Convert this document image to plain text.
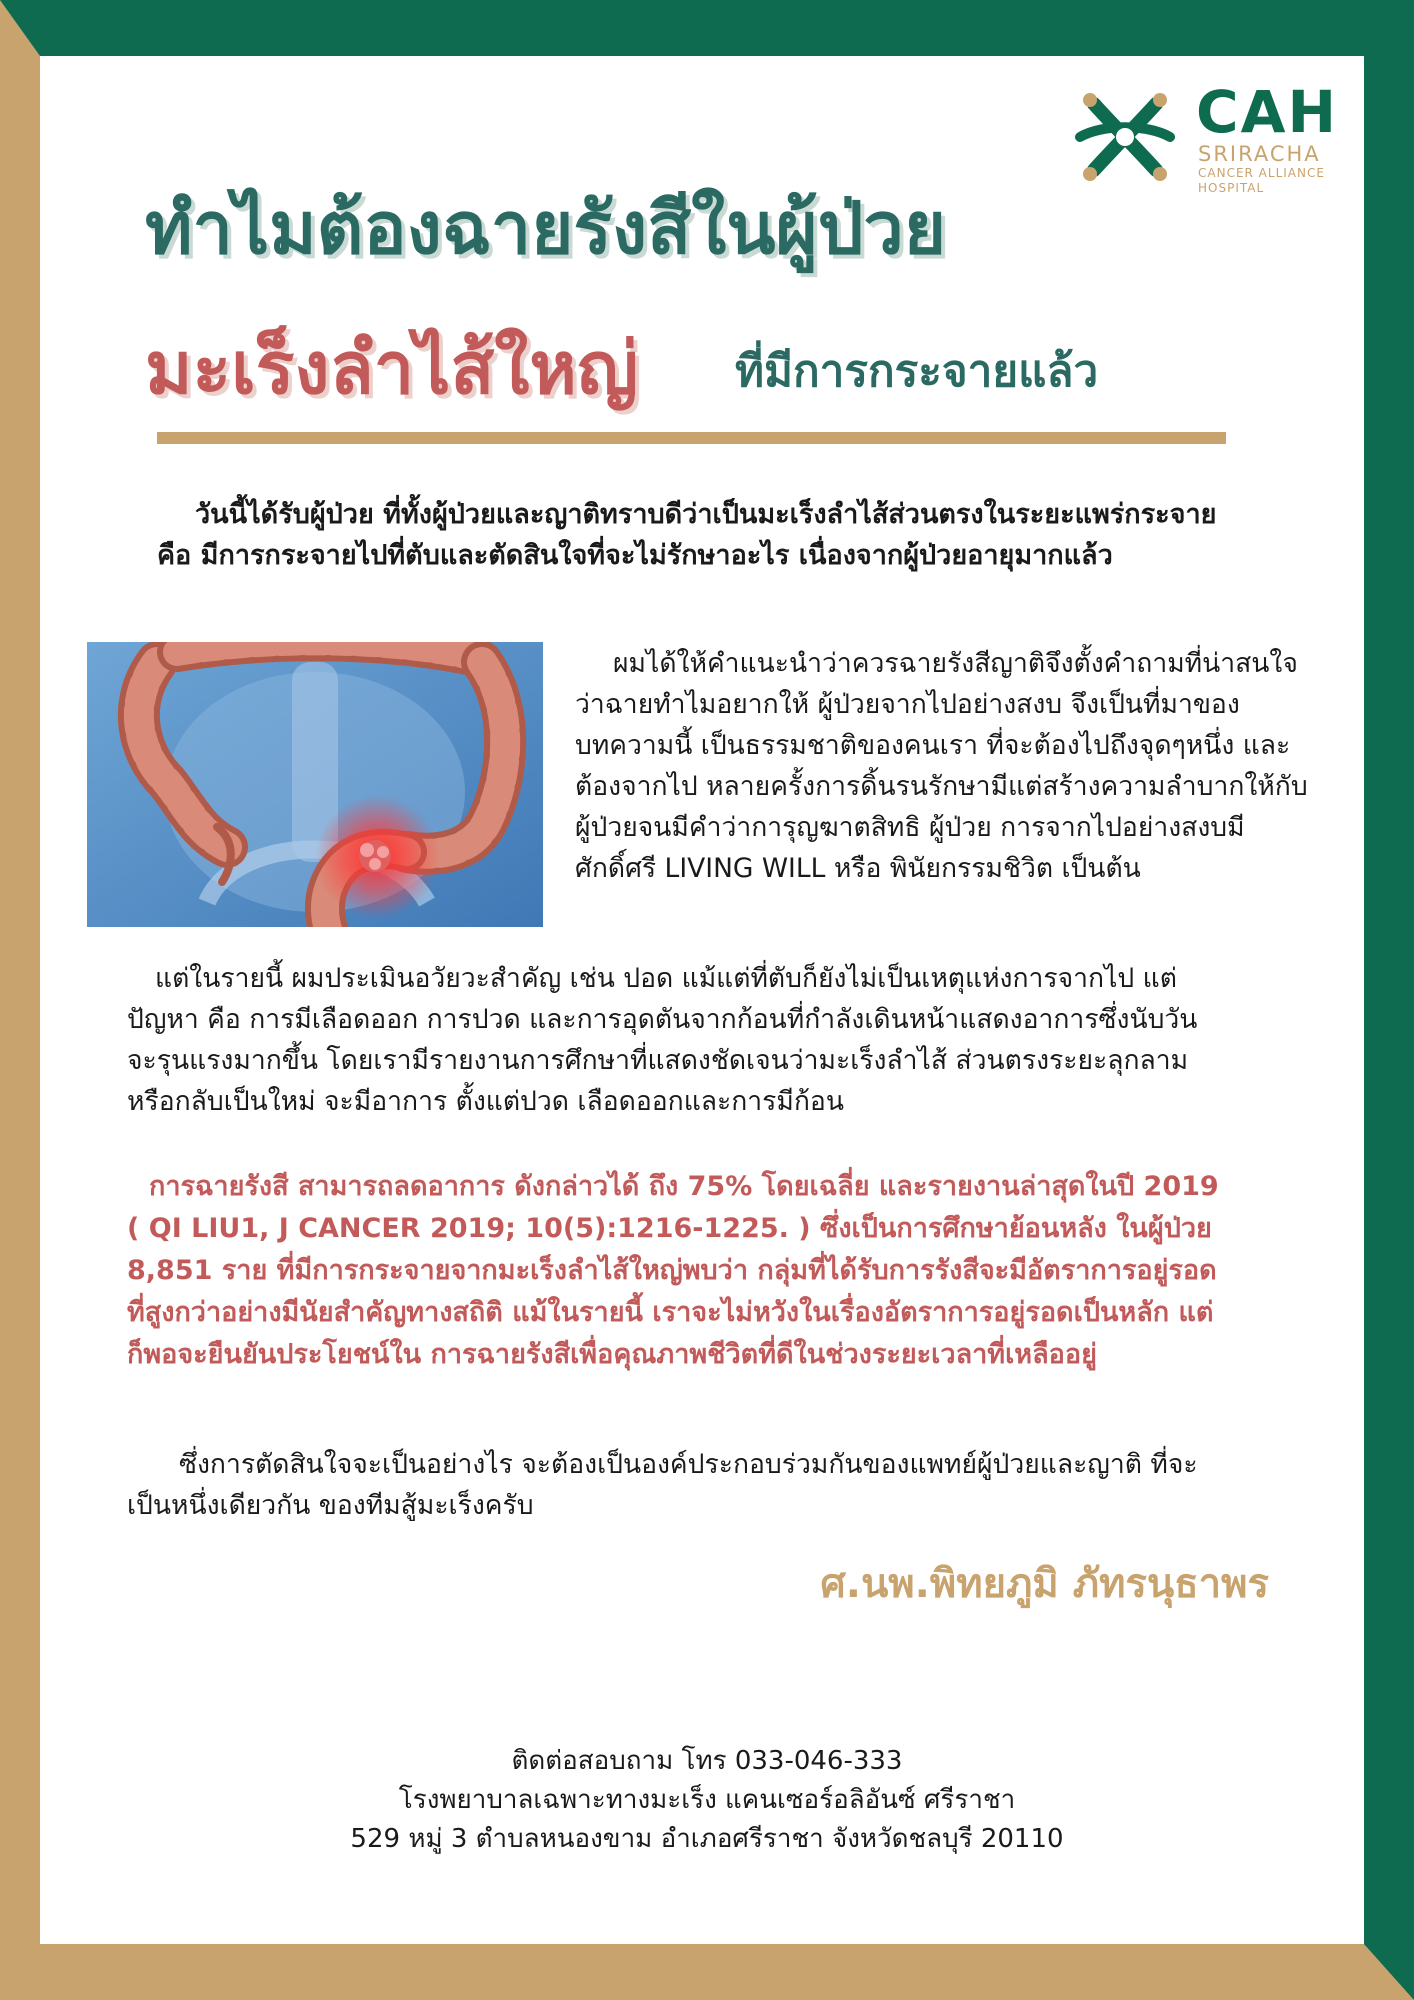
CAH
SRIRACHA
CANCER ALLIANCE
HOSPITAL
ทำไมต้องฉายรังสีในผู้ป่วย
มะเร็งลำไส้ใหญ่ ที่มีการกระจายแล้ว

วันนี้ได้รับผู้ป่วย ที่ทั้งผู้ป่วยและญาติทราบดีว่าเป็นมะเร็งลำไส้ส่วนตรงในระยะแพร่กระจาย คือ มีการกระจายไปที่ตับและตัดสินใจที่จะไม่รักษาอะไร เนื่องจากผู้ป่วยอายุมากแล้ว

ผมได้ให้คำแนะนำว่าควรฉายรังสีญาติจึงตั้งคำถามที่น่าสนใจว่าฉายทำไมอยากให้ ผู้ป่วยจากไปอย่างสงบ จึงเป็นที่มาของบทความนี้ เป็นธรรมชาติของคนเรา ที่จะต้องไปถึงจุดๆหนึ่ง และต้องจากไป หลายครั้งการดิ้นรนรักษามีแต่สร้างความลำบากให้กับผู้ป่วยจนมีคำว่าการุญฆาตสิทธิ ผู้ป่วย การจากไปอย่างสงบมีศักดิ์ศรี LIVING WILL หรือ พินัยกรรมชิวิต เป็นต้น

แต่ในรายนี้ ผมประเมินอวัยวะสำคัญ เช่น ปอด แม้แต่ที่ตับก็ยังไม่เป็นเหตุแห่งการจากไป แต่ปัญหา คือ การมีเลือดออก การปวด และการอุดตันจากก้อนที่กำลังเดินหน้าแสดงอาการซึ่งนับวันจะรุนแรงมากขึ้น โดยเรามีรายงานการศึกษาที่แสดงชัดเจนว่ามะเร็งลำไส้ ส่วนตรงระยะลุกลามหรือกลับเป็นใหม่ จะมีอาการ ตั้งแต่ปวด เลือดออกและการมีก้อน

การฉายรังสี สามารถลดอาการ ดังกล่าวได้ ถึง 75% โดยเฉลี่ย และรายงานล่าสุดในปี 2019 ( QI LIU1, J CANCER 2019; 10(5):1216-1225. ) ซึ่งเป็นการศึกษาย้อนหลัง ในผู้ป่วย 8,851 ราย ที่มีการกระจายจากมะเร็งลำไส้ใหญ่พบว่า กลุ่มที่ได้รับการรังสีจะมีอัตราการอยู่รอดที่สูงกว่าอย่างมีนัยสำคัญทางสถิติ แม้ในรายนี้ เราจะไม่หวังในเรื่องอัตราการอยู่รอดเป็นหลัก แต่ก็พอจะยืนยันประโยชน์ใน การฉายรังสีเพื่อคุณภาพชีวิตที่ดีในช่วงระยะเวลาที่เหลืออยู่

ซึ่งการตัดสินใจจะเป็นอย่างไร จะต้องเป็นองค์ประกอบร่วมกันของแพทย์ผู้ป่วยและญาติ ที่จะเป็นหนึ่งเดียวกัน ของทีมสู้มะเร็งครับ

ศ.นพ.พิทยภูมิ ภัทรนุธาพร
ติดต่อสอบถาม โทร 033-046-333
โรงพยาบาลเฉพาะทางมะเร็ง แคนเซอร์อลิอันซ์ ศรีราชา
529 หมู่ 3 ตำบลหนองขาม อำเภอศรีราชา จังหวัดชลบุรี 20110
